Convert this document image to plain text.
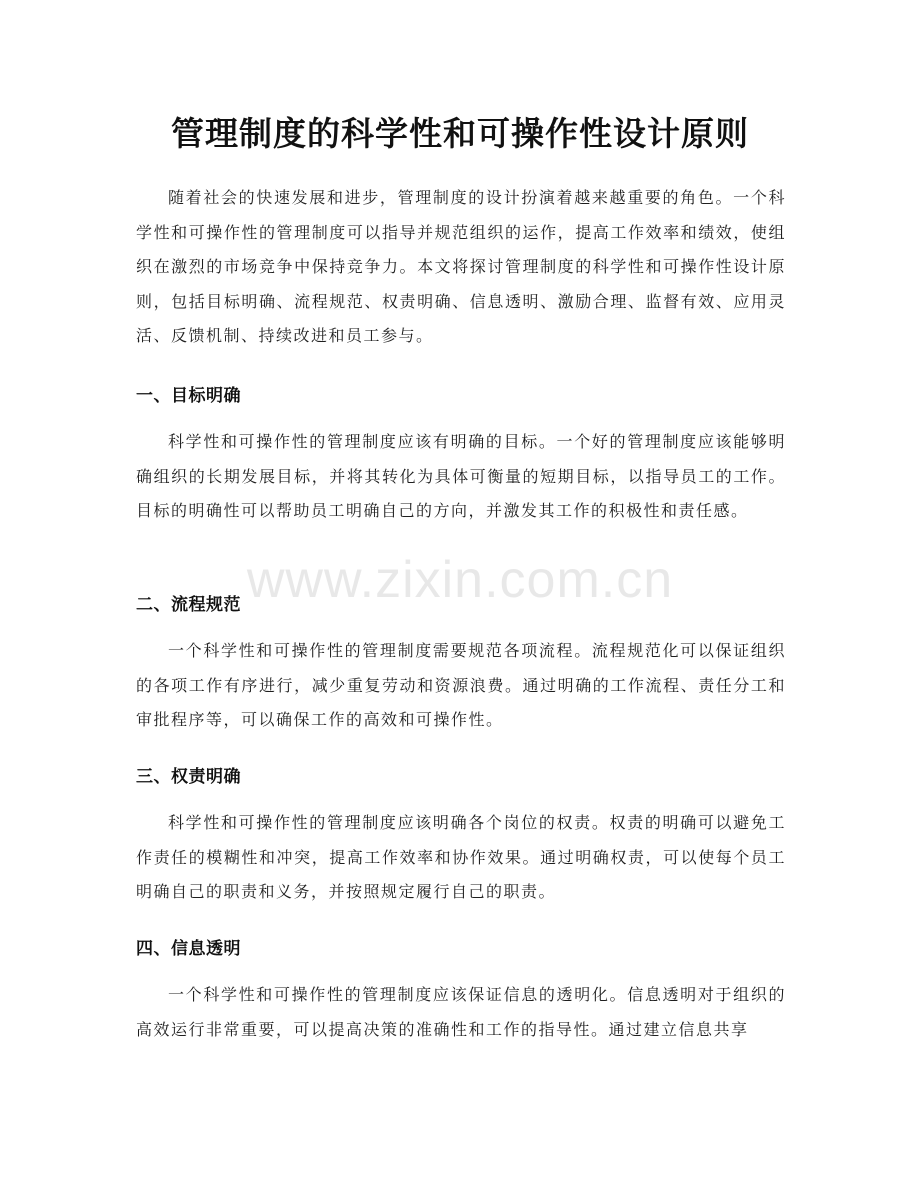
管理制度的科学性和可操作性设计原则
随着社会的快速发展和进步，管理制度的设计扮演着越来越重要的角色。一个科学性和可操作性的管理制度可以指导并规范组织的运作，提高工作效率和绩效，使组织在激烈的市场竞争中保持竞争力。本文将探讨管理制度的科学性和可操作性设计原则，包括目标明确、流程规范、权责明确、信息透明、激励合理、监督有效、应用灵活、反馈机制、持续改进和员工参与。
一、目标明确
科学性和可操作性的管理制度应该有明确的目标。一个好的管理制度应该能够明确组织的长期发展目标，并将其转化为具体可衡量的短期目标，以指导员工的工作。目标的明确性可以帮助员工明确自己的方向，并激发其工作的积极性和责任感。
二、流程规范
一个科学性和可操作性的管理制度需要规范各项流程。流程规范化可以保证组织的各项工作有序进行，减少重复劳动和资源浪费。通过明确的工作流程、责任分工和审批程序等，可以确保工作的高效和可操作性。
三、权责明确
科学性和可操作性的管理制度应该明确各个岗位的权责。权责的明确可以避免工作责任的模糊性和冲突，提高工作效率和协作效果。通过明确权责，可以使每个员工明确自己的职责和义务，并按照规定履行自己的职责。
四、信息透明
一个科学性和可操作性的管理制度应该保证信息的透明化。信息透明对于组织的高效运行非常重要，可以提高决策的准确性和工作的指导性。通过建立信息共享
www.zixin.com.cn
